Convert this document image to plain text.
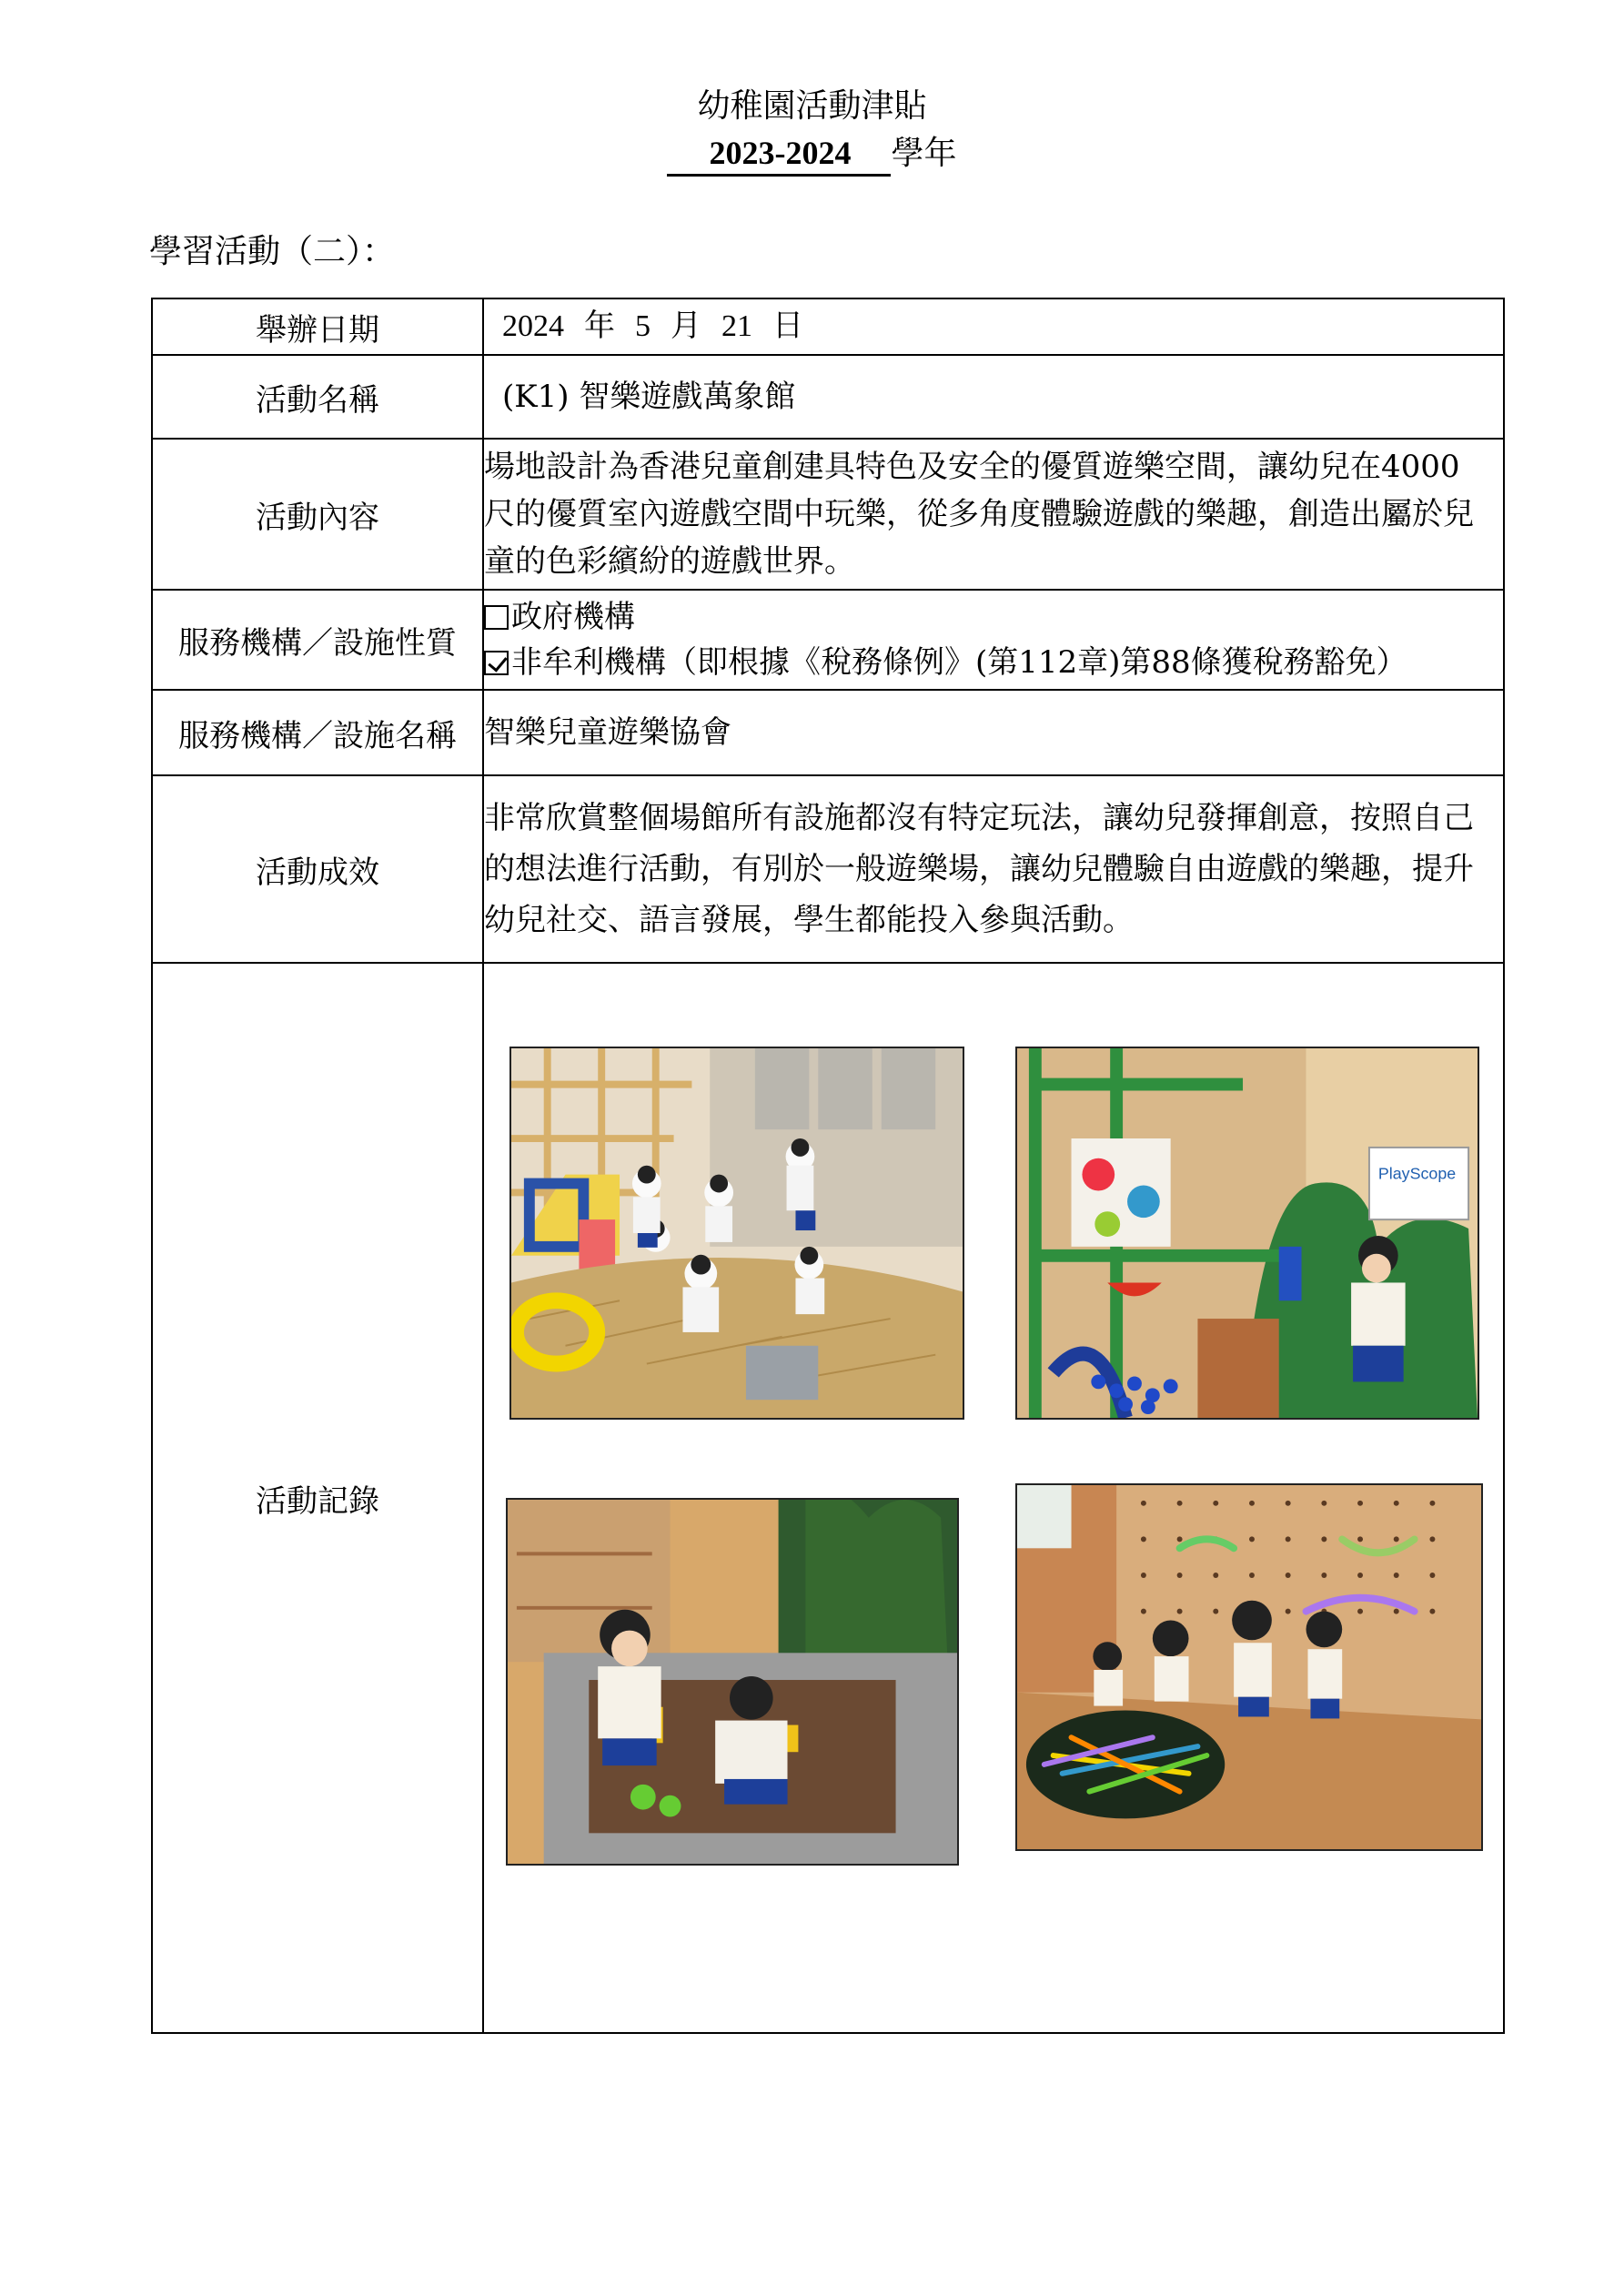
幼稚園活動津貼
2023-2024 學年
學習活動（二）：
舉辦日期	2024 年 5 月 21 日

活動名稱	(K1) 智樂遊戲萬象館

活動內容	場地設計為香港兒童創建具特色及安全的優質遊樂空間，讓幼兒在4000尺的優質室內遊戲空間中玩樂，從多角度體驗遊戲的樂趣，創造出屬於兒童的色彩繽紛的遊戲世界。
服務機構／設施性質	政府機構
非牟利機構（即根據《稅務條例》(第112章)第88條獲稅務豁免）

服務機構／設施名稱	智樂兒童遊樂協會
活動成效	非常欣賞整個場館所有設施都沒有特定玩法，讓幼兒發揮創意，按照自己的想法進行活動，有別於一般遊樂場，讓幼兒體驗自由遊戲的樂趣，提升幼兒社交、語言發展，學生都能投入參與活動。
活動記錄	
PlayScope
